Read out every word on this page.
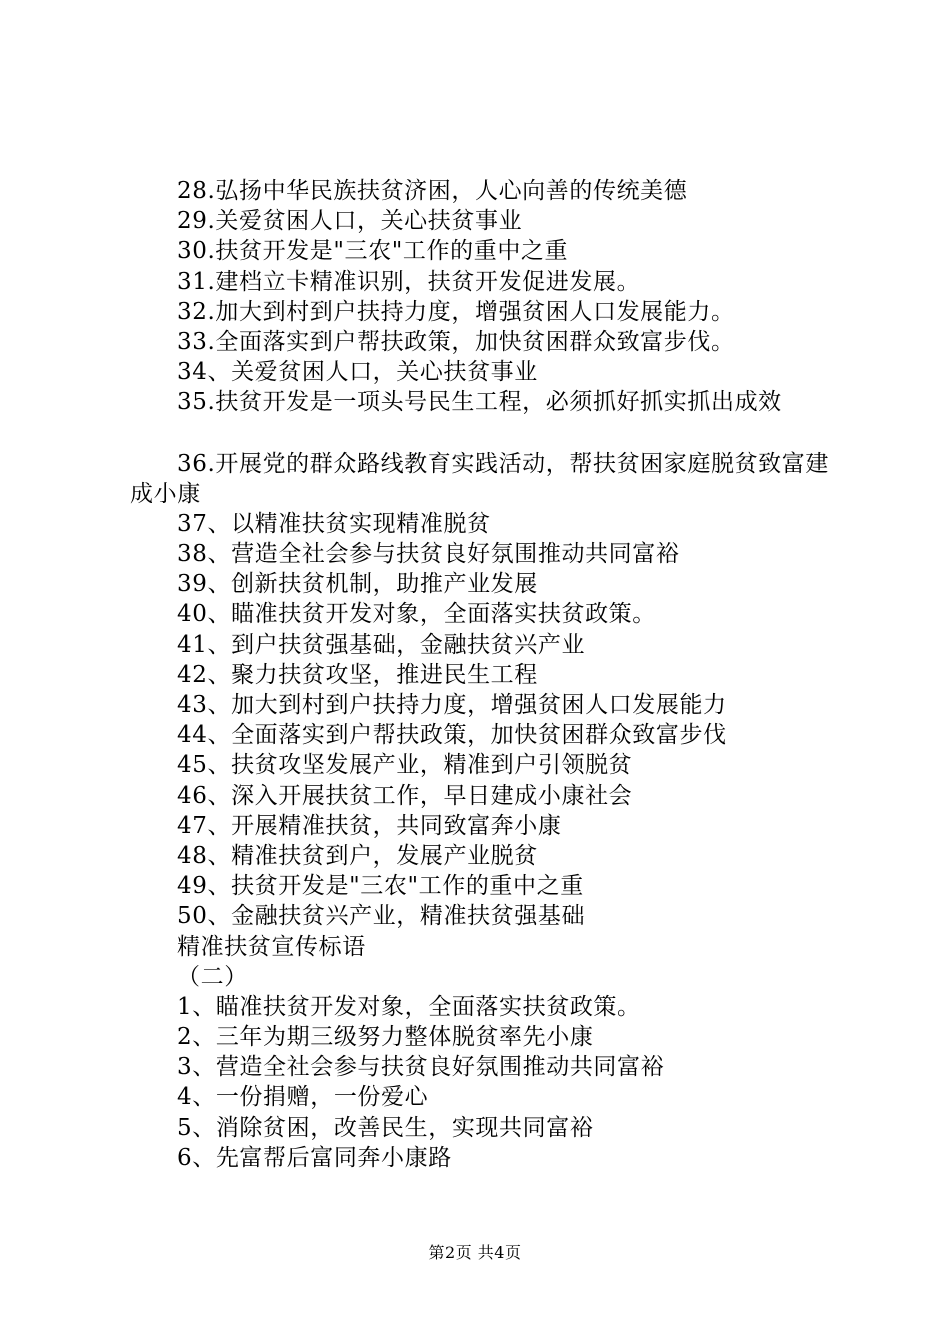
28.弘扬中华民族扶贫济困，人心向善的传统美德
29.关爱贫困人口，关心扶贫事业
30.扶贫开发是"三农"工作的重中之重
31.建档立卡精准识别，扶贫开发促进发展。
32.加大到村到户扶持力度，增强贫困人口发展能力。
33.全面落实到户帮扶政策，加快贫困群众致富步伐。
34、关爱贫困人口，关心扶贫事业
35.扶贫开发是一项头号民生工程，必须抓好抓实抓出成效
36.开展党的群众路线教育实践活动，帮扶贫困家庭脱贫致富建成小康
37、以精准扶贫实现精准脱贫
38、营造全社会参与扶贫良好氛围推动共同富裕
39、创新扶贫机制，助推产业发展
40、瞄准扶贫开发对象，全面落实扶贫政策。
41、到户扶贫强基础，金融扶贫兴产业
42、聚力扶贫攻坚，推进民生工程
43、加大到村到户扶持力度，增强贫困人口发展能力
44、全面落实到户帮扶政策，加快贫困群众致富步伐
45、扶贫攻坚发展产业，精准到户引领脱贫
46、深入开展扶贫工作，早日建成小康社会
47、开展精准扶贫，共同致富奔小康
48、精准扶贫到户，发展产业脱贫
49、扶贫开发是"三农"工作的重中之重
50、金融扶贫兴产业，精准扶贫强基础
精准扶贫宣传标语
（二）
1、瞄准扶贫开发对象，全面落实扶贫政策。
2、三年为期三级努力整体脱贫率先小康
3、营造全社会参与扶贫良好氛围推动共同富裕
4、一份捐赠，一份爱心
5、消除贫困，改善民生，实现共同富裕
6、先富帮后富同奔小康路
第2页 共4页
